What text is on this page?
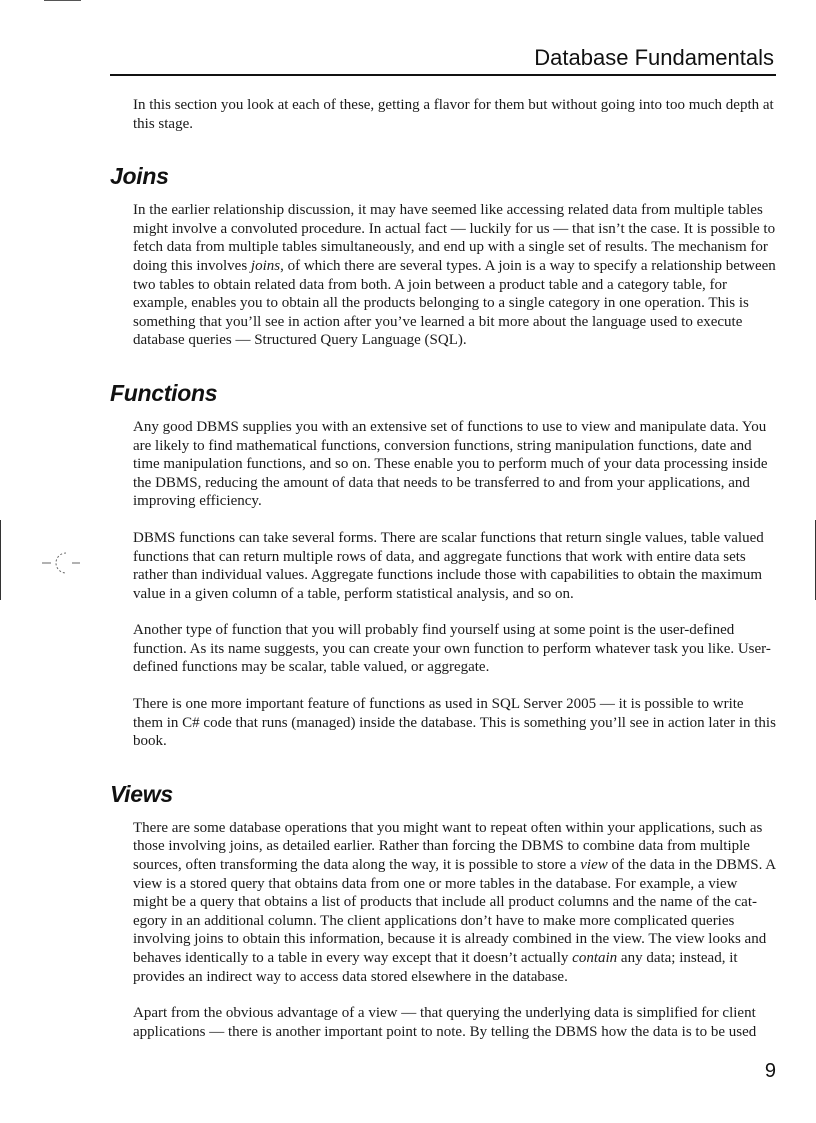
Database Fundamentals

In this section you look at each of these, getting a flavor for them but without going into too much depth at this stage.

Joins

In the earlier relationship discussion, it may have seemed like accessing related data from multiple tables might involve a convoluted procedure. In actual fact — luckily for us — that isn’t the case. It is possible to fetch data from multiple tables simultaneously, and end up with a single set of results. The mechanism for doing this involves joins, of which there are several types. A join is a way to specify a relationship between two tables to obtain related data from both. A join between a product table and a category table, for example, enables you to obtain all the products belonging to a single category in one operation. This is something that you’ll see in action after you’ve learned a bit more about the language used to execute database queries — Structured Query Language (SQL).

Functions

Any good DBMS supplies you with an extensive set of functions to use to view and manipulate data. You are likely to find mathematical functions, conversion functions, string manipulation functions, date and time manipulation functions, and so on. These enable you to perform much of your data processing inside the DBMS, reducing the amount of data that needs to be transferred to and from your applications, and improving efficiency.

DBMS functions can take several forms. There are scalar functions that return single values, table valued functions that can return multiple rows of data, and aggregate functions that work with entire data sets rather than individual values. Aggregate functions include those with capabilities to obtain the maximum value in a given column of a table, perform statistical analysis, and so on.

Another type of function that you will probably find yourself using at some point is the user-defined function. As its name suggests, you can create your own function to perform whatever task you like. User-defined functions may be scalar, table valued, or aggregate.

There is one more important feature of functions as used in SQL Server 2005 — it is possible to write them in C# code that runs (managed) inside the database. This is something you’ll see in action later in this book.

Views

There are some database operations that you might want to repeat often within your applications, such as those involving joins, as detailed earlier. Rather than forcing the DBMS to combine data from multiple sources, often transforming the data along the way, it is possible to store a view of the data in the DBMS. A view is a stored query that obtains data from one or more tables in the database. For example, a view might be a query that obtains a list of products that include all product columns and the name of the category in an additional column. The client applications don’t have to make more complicated queries involving joins to obtain this information, because it is already combined in the view. The view looks and behaves identically to a table in every way except that it doesn’t actually contain any data; instead, it provides an indirect way to access data stored elsewhere in the database.

Apart from the obvious advantage of a view — that querying the underlying data is simplified for client applications — there is another important point to note. By telling the DBMS how the data is to be used

9
